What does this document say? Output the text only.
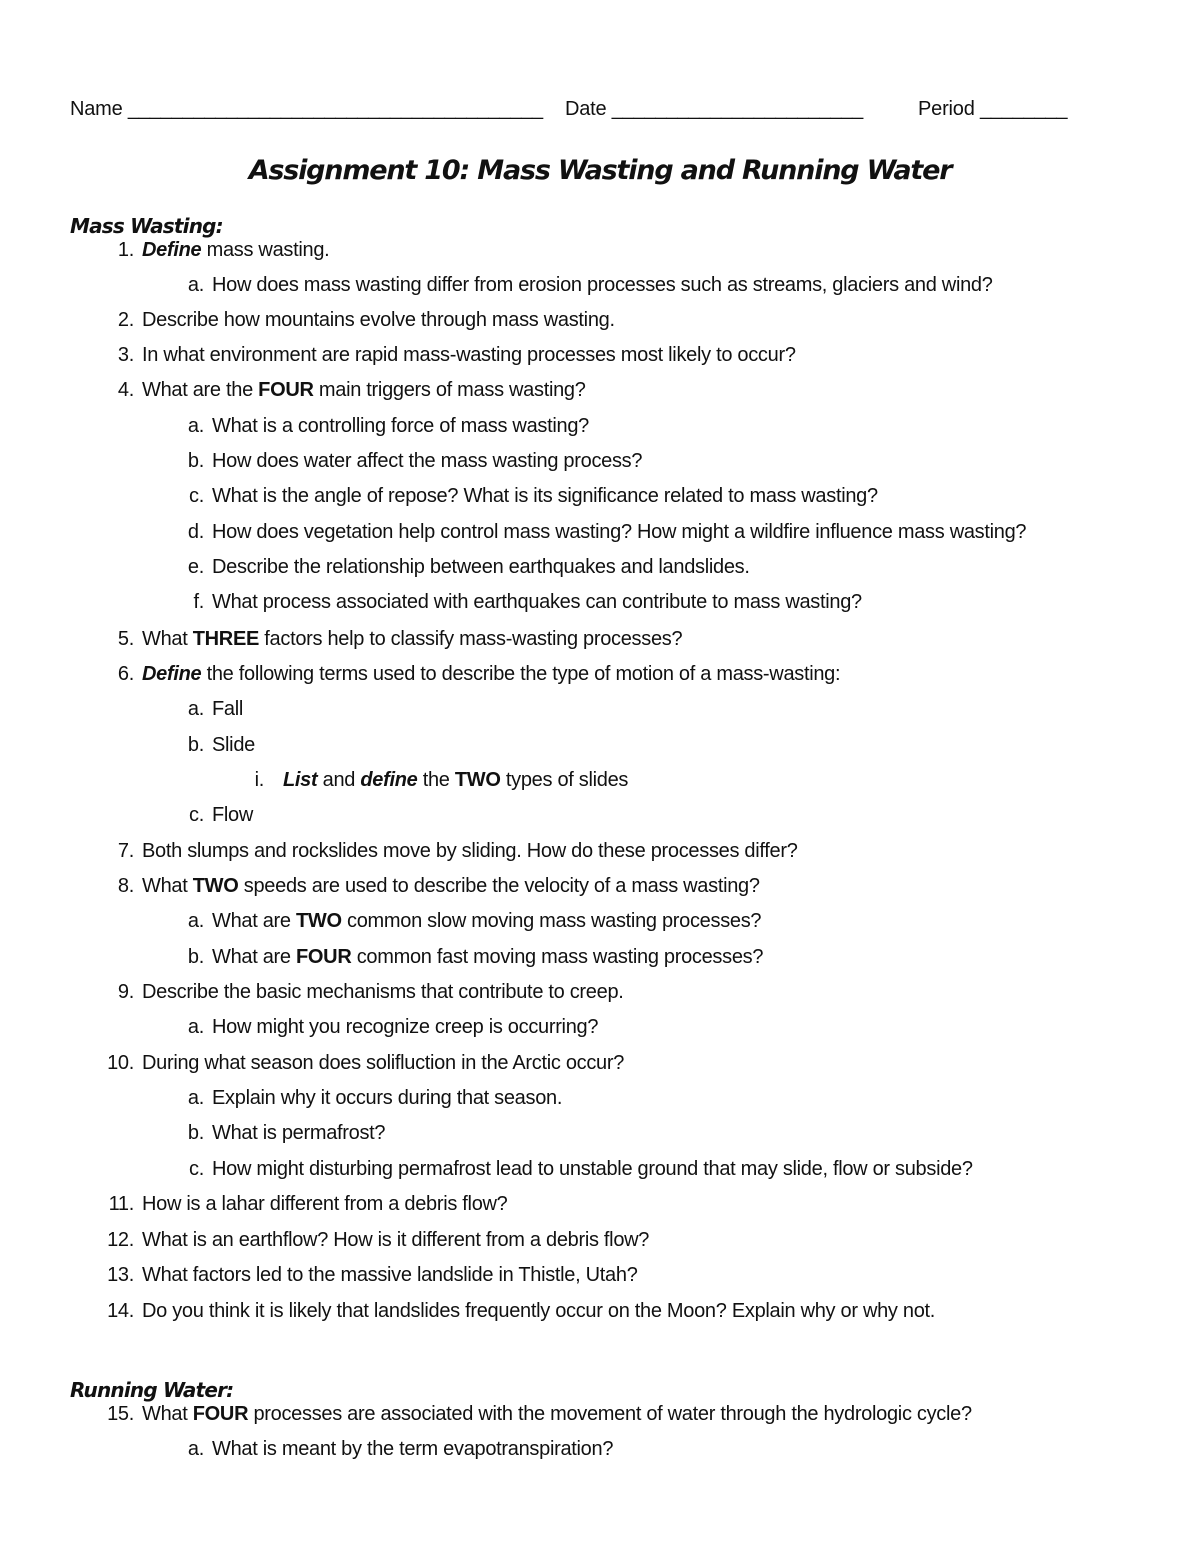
Name ______________________________________ Date _______________________	Period ________
Assignment 10: Mass Wasting and Running Water
Mass Wasting:
1. Define mass wasting.
a. How does mass wasting differ from erosion processes such as streams, glaciers and wind?
2. Describe how mountains evolve through mass wasting.
3. In what environment are rapid mass-wasting processes most likely to occur?
4. What are the FOUR main triggers of mass wasting?
a. What is a controlling force of mass wasting?
b. How does water affect the mass wasting process?
c. What is the angle of repose? What is its significance related to mass wasting?
d. How does vegetation help control mass wasting? How might a wildfire influence mass wasting?
e. Describe the relationship between earthquakes and landslides.
f. What process associated with earthquakes can contribute to mass wasting?
5. What THREE factors help to classify mass-wasting processes?
6. Define the following terms used to describe the type of motion of a mass-wasting:
a. Fall
b. Slide
i. List and define the TWO types of slides
c. Flow
7. Both slumps and rockslides move by sliding. How do these processes differ?
8. What TWO speeds are used to describe the velocity of a mass wasting?
a. What are TWO common slow moving mass wasting processes?
b. What are FOUR common fast moving mass wasting processes?
9. Describe the basic mechanisms that contribute to creep.
a. How might you recognize creep is occurring?
10. During what season does solifluction in the Arctic occur?
a. Explain why it occurs during that season.
b. What is permafrost?
c. How might disturbing permafrost lead to unstable ground that may slide, flow or subside?
11. How is a lahar different from a debris flow?
12. What is an earthflow? How is it different from a debris flow?
13. What factors led to the massive landslide in Thistle, Utah?
14. Do you think it is likely that landslides frequently occur on the Moon? Explain why or why not.
15. What FOUR processes are associated with the movement of water through the hydrologic cycle?
a. What is meant by the term evapotranspiration?
Running Water:
